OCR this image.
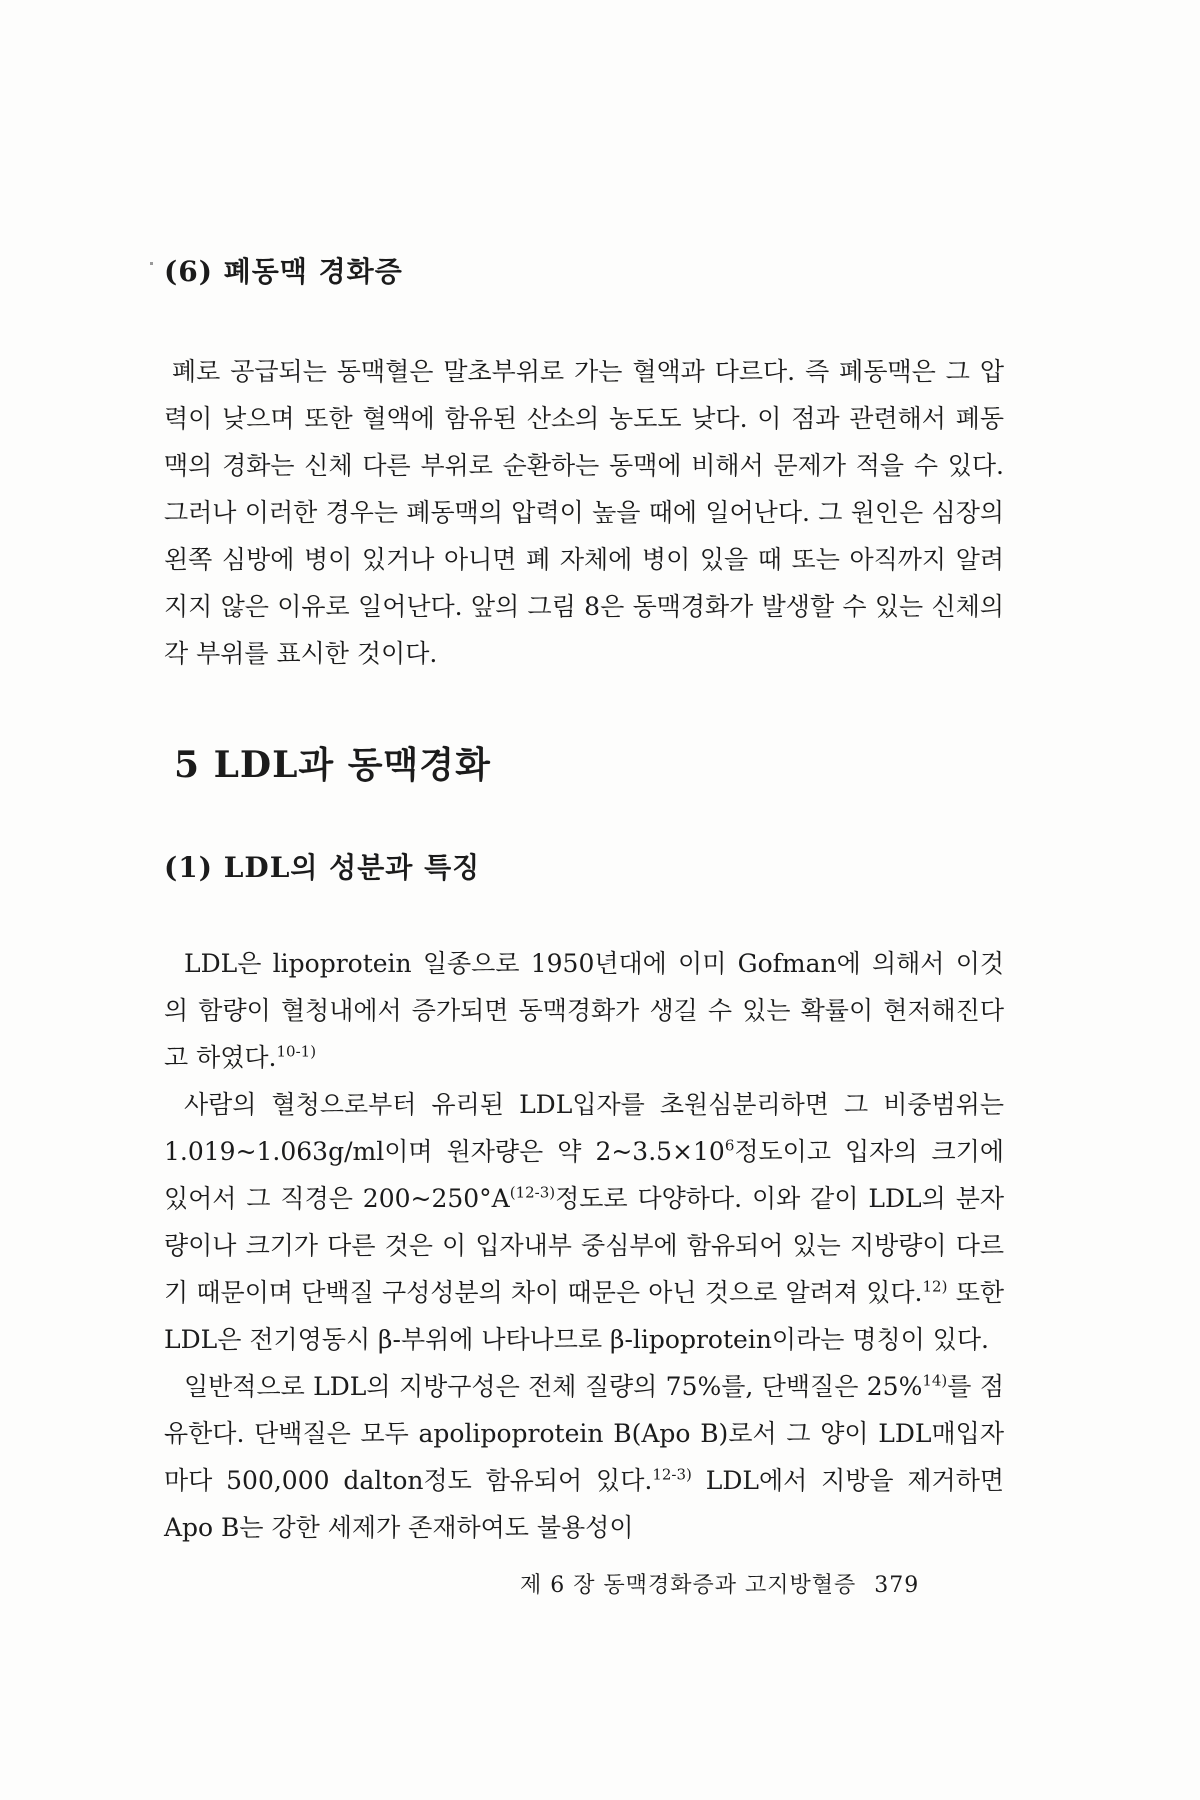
(6) 폐동맥 경화증

폐로 공급되는 동맥혈은 말초부위로 가는 혈액과 다르다. 즉 폐동맥은 그 압력이 낮으며 또한 혈액에 함유된 산소의 농도도 낮다. 이 점과 관련해서 폐동맥의 경화는 신체 다른 부위로 순환하는 동맥에 비해서 문제가 적을 수 있다. 그러나 이러한 경우는 폐동맥의 압력이 높을 때에 일어난다. 그 원인은 심장의 왼쪽 심방에 병이 있거나 아니면 폐 자체에 병이 있을 때 또는 아직까지 알려지지 않은 이유로 일어난다. 앞의 그림 8은 동맥경화가 발생할 수 있는 신체의 각 부위를 표시한 것이다.

5 LDL과 동맥경화
(1) LDL의 성분과 특징

LDL은 lipoprotein 일종으로 1950년대에 이미 Gofman에 의해서 이것의 함량이 혈청내에서 증가되면 동맥경화가 생길 수 있는 확률이 현저해진다고 하였다.$^{10-1)}$

사람의 혈청으로부터 유리된 LDL입자를 초원심분리하면 그 비중범위는 1.019~1.063g/ml이며 원자량은 약 $2\sim 3.5\times 10^6$정도이고 입자의 크기에 있어서 그 직경은 $200\sim 250^\circ A^{(12-3)}$정도로 다양하다. 이와 같이 LDL의 분자량이나 크기가 다른 것은 이 입자내부 중심부에 함유되어 있는 지방량이 다르기 때문이며 단백질 구성성분의 차이 때문은 아닌 것으로 알려져 있다.$^{12)}$ 또한 LDL은 전기영동시 β-부위에 나타나므로 β-lipoprotein이라는 명칭이 있다.

일반적으로 LDL의 지방구성은 전체 질량의 75%를, 단백질은 25%$^{14)}$를 점유한다. 단백질은 모두 apolipoprotein B(Apo B)로서 그 양이 LDL매입자마다 500,000 dalton정도 함유되어 있다.$^{12-3)}$ LDL에서 지방을 제거하면 Apo B는 강한 세제가 존재하여도 불용성이

제 6 장 동맥경화증과 고지방혈증 379
